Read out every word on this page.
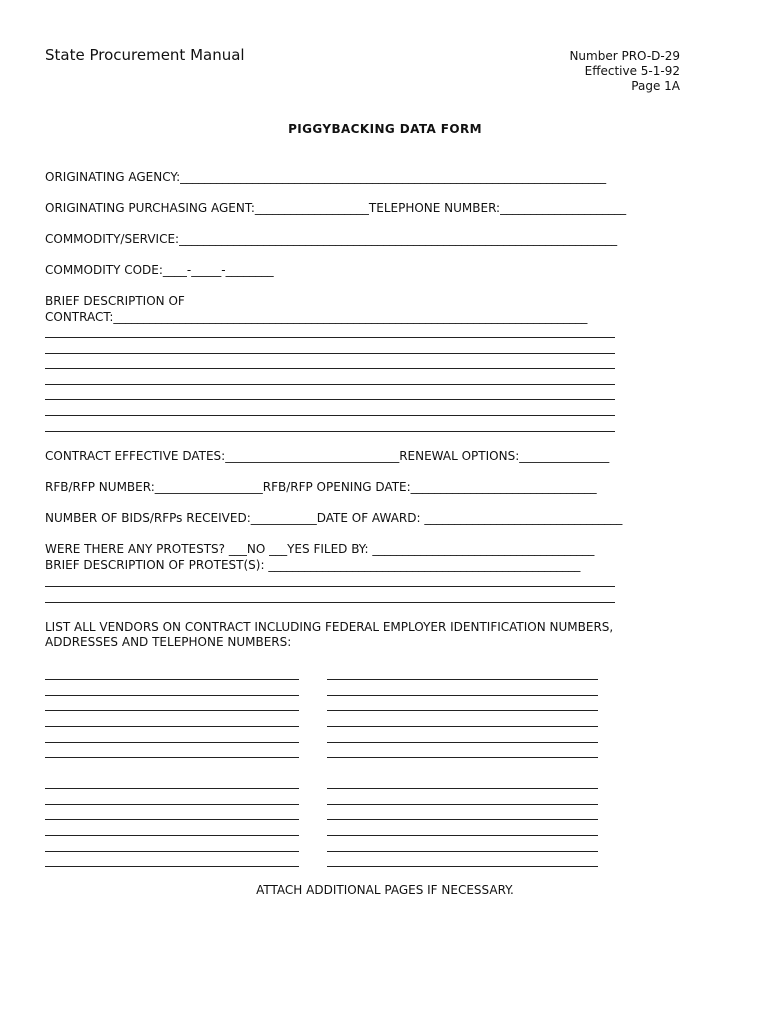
State Procurement Manual	Number PRO-D-29
Effective 5-1-92
Page 1A
PIGGYBACKING DATA FORM
ORIGINATING AGENCY:_______________________________________________________________________
ORIGINATING PURCHASING AGENT:___________________TELEPHONE NUMBER:_____________________
COMMODITY/SERVICE:_________________________________________________________________________
COMMODITY CODE:____-_____-________
BRIEF DESCRIPTION OF
CONTRACT:_______________________________________________________________________________
CONTRACT EFFECTIVE DATES:_____________________________RENEWAL OPTIONS:_______________
RFB/RFP NUMBER:__________________RFB/RFP OPENING DATE:_______________________________
NUMBER OF BIDS/RFPs RECEIVED:___________DATE OF AWARD: _________________________________
WERE THERE ANY PROTESTS? ___NO ___YES FILED BY: _____________________________________
BRIEF DESCRIPTION OF PROTEST(S): ____________________________________________________
LIST ALL VENDORS ON CONTRACT INCLUDING FEDERAL EMPLOYER IDENTIFICATION NUMBERS,
ADDRESSES AND TELEPHONE NUMBERS:
ATTACH ADDITIONAL PAGES IF NECESSARY.
